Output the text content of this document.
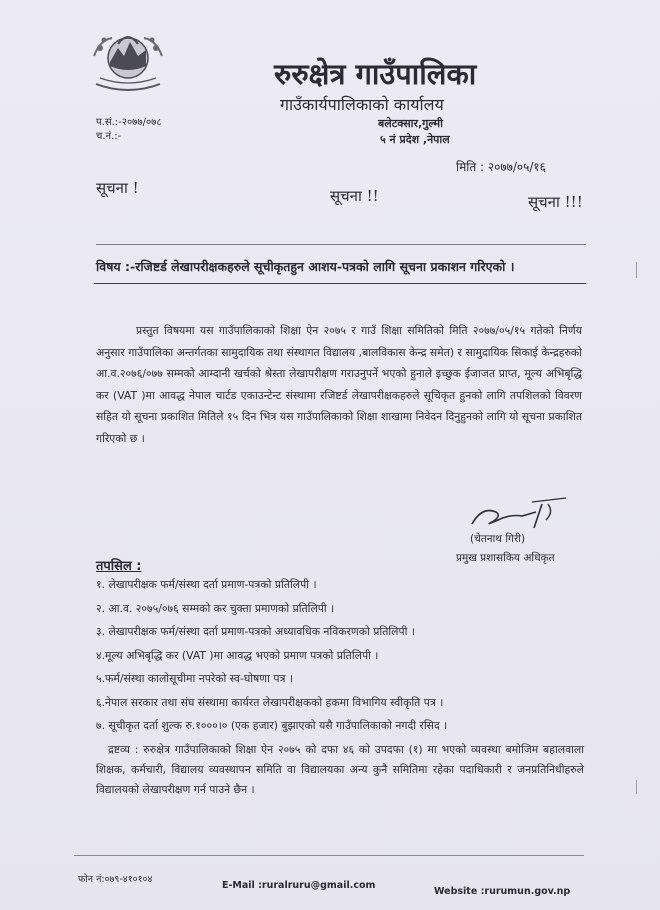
रुरुक्षेत्र गाउँपालिका
गाउँकार्यपालिकाको कार्यालय
बलेटक्सार,गुल्मी
५ नं प्रदेश ,नेपाल
प.सं.:-२०७७/०७८
च.नं.:-
मिति : २०७७/०५/१६
सूचना !	सूचना !!	सूचना !!!
विषय :-रजिष्टर्ड लेखापरीक्षकहरुले सूचीकृतहुन आशय-पत्रको लागि सूचना प्रकाशन गरिएको ।
प्रस्तुत विषयमा यस गाउँपालिकाको शिक्षा ऐन २०७५ र गाउँ शिक्षा समितिको मिति २०७७/०५/१५ गतेको निर्णय अनुसार गाउँपालिका अन्तर्गतका सामुदायिक तथा संस्थागत विद्यालय ,बालविकास केन्द्र समेत) र सामुदायिक सिकाई केन्द्रहरुको आ.व.२०७६/०७७ सम्मको आम्दानी खर्चको श्रेस्ता लेखापरीक्षण गराउनुपर्ने भएको हुनाले इच्छुक ईजाजत प्राप्त, मूल्य अभिबृद्धि कर (VAT )मा आवद्ध नेपाल चार्टड एकाउन्टेन्ट संस्थामा रजिष्टर्ड लेखापरीक्षकहरुले सूचिकृत हुनको लागि तपशिलको विवरण सहित यो सूचना प्रकाशित मितिले १५ दिन भित्र यस गाउँपालिकाको शिक्षा शाखामा निवेदन दिनुहुनको लागि यो सूचना प्रकाशित गरिएको छ ।
(चेतनाथ गिरी)
प्रमुख प्रशासकिय अधिकृत
तपसिल :
१. लेखापरीक्षक फर्म/संस्था दर्ता प्रमाण-पत्रको प्रतिलिपी ।
२. आ.व. २०७५/०७६ सम्मको कर चुक्ता प्रमाणको प्रतिलिपी ।
३. लेखापरीक्षक फर्म/संस्था दर्ता प्रमाण-पत्रको अध्यावधिक नविकरणको प्रतिलिपी ।
४.मूल्य अभिबृद्धि कर (VAT )मा आवद्ध भएको प्रमाण पत्रको प्रतिलिपी ।
५.फर्म/संस्था कालोसूचीमा नपरेको स्व-घोषणा पत्र ।
६.नेपाल सरकार तथा संघ संस्थामा कार्यरत लेखापरीक्षकको हकमा विभागिय स्वीकृति पत्र ।
७. सूचीकृत दर्ता शुल्क रु.१०००।० (एक हजार) बुझाएको यसै गाउँपालिकाको नगदी रसिद ।
द्रष्टव्य : रुरुक्षेत्र गाउँपालिकाको शिक्षा ऐन २०७५ को दफा ४६ को उपदफा (१) मा भएको व्यवस्था बमोजिम बहालवाला शिक्षक, कर्मचारी, विद्यालय व्यवस्थापन समिति वा विद्यालयका अन्य कुनै समितिमा रहेका पदाधिकारी र जनप्रतिनिधीहरुले विद्यालयको लेखापरीक्षण गर्न पाउने छैन ।
फोन नं:०७९-४१०१०४
E-Mail :ruralruru@gmail.com
Website :rurumun.gov.np
